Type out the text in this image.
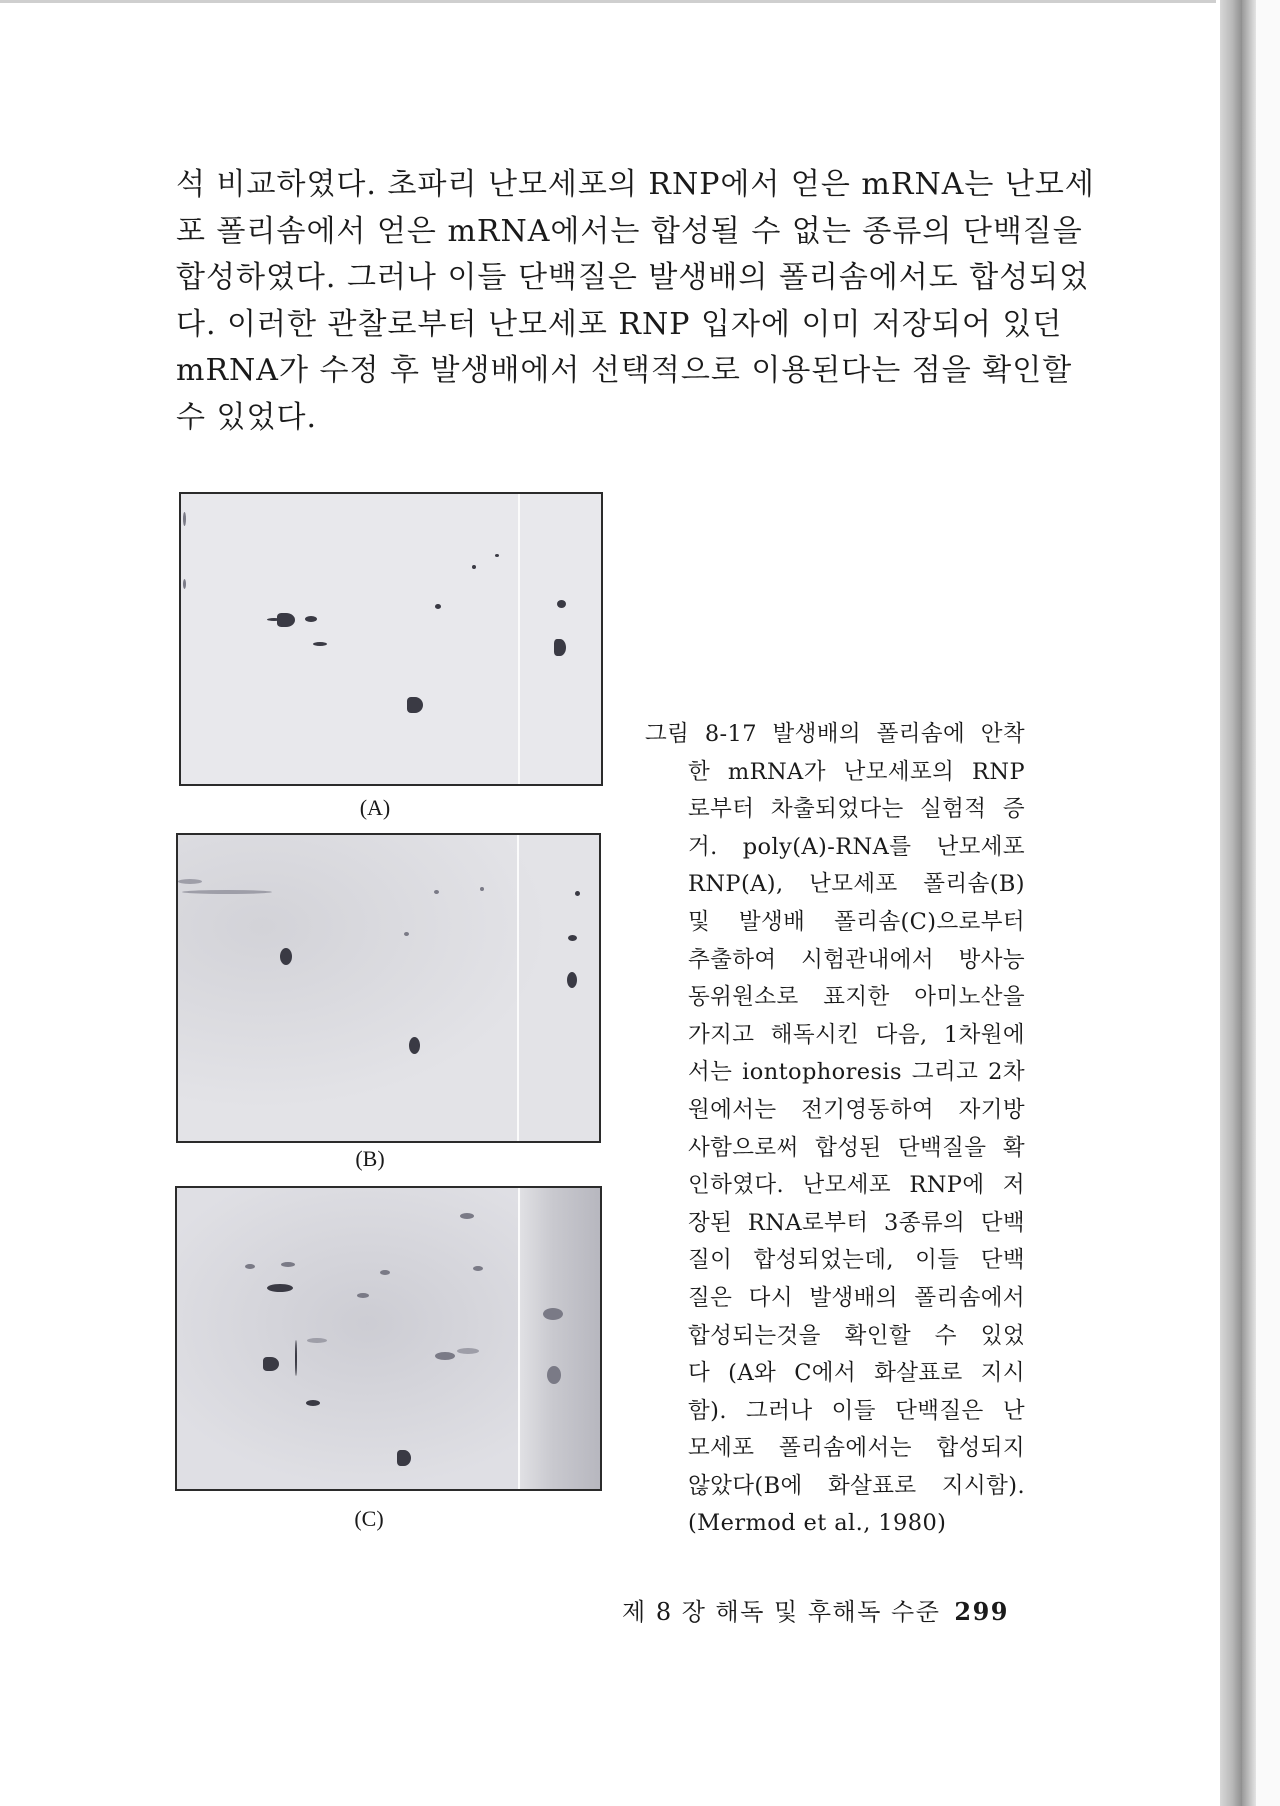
석 비교하였다. 초파리 난모세포의 RNP에서 얻은 mRNA는 난모세
포 폴리솜에서 얻은 mRNA에서는 합성될 수 없는 종류의 단백질을
합성하였다. 그러나 이들 단백질은 발생배의 폴리솜에서도 합성되었
다. 이러한 관찰로부터 난모세포 RNP 입자에 이미 저장되어 있던
mRNA가 수정 후 발생배에서 선택적으로 이용된다는 점을 확인할
수 있었다.

(A)
(B)
(C)
그림 8-17 발생배의 폴리솜에 안착
한 mRNA가 난모세포의 RNP
로부터 차출되었다는 실험적 증
거. poly(A)-RNA를 난모세포
RNP(A), 난모세포 폴리솜(B)
및 발생배 폴리솜(C)으로부터
추출하여 시험관내에서 방사능
동위원소로 표지한 아미노산을
가지고 해독시킨 다음, 1차원에
서는 iontophoresis 그리고 2차
원에서는 전기영동하여 자기방
사함으로써 합성된 단백질을 확
인하였다. 난모세포 RNP에 저
장된 RNA로부터 3종류의 단백
질이 합성되었는데, 이들 단백
질은 다시 발생배의 폴리솜에서
합성되는것을 확인할 수 있었
다 (A와 C에서 화살표로 지시
함). 그러나 이들 단백질은 난
모세포 폴리솜에서는 합성되지
않았다(B에 화살표로 지시함).
(Mermod et al., 1980)
제 8 장 해독 및 후해독 수준 299
